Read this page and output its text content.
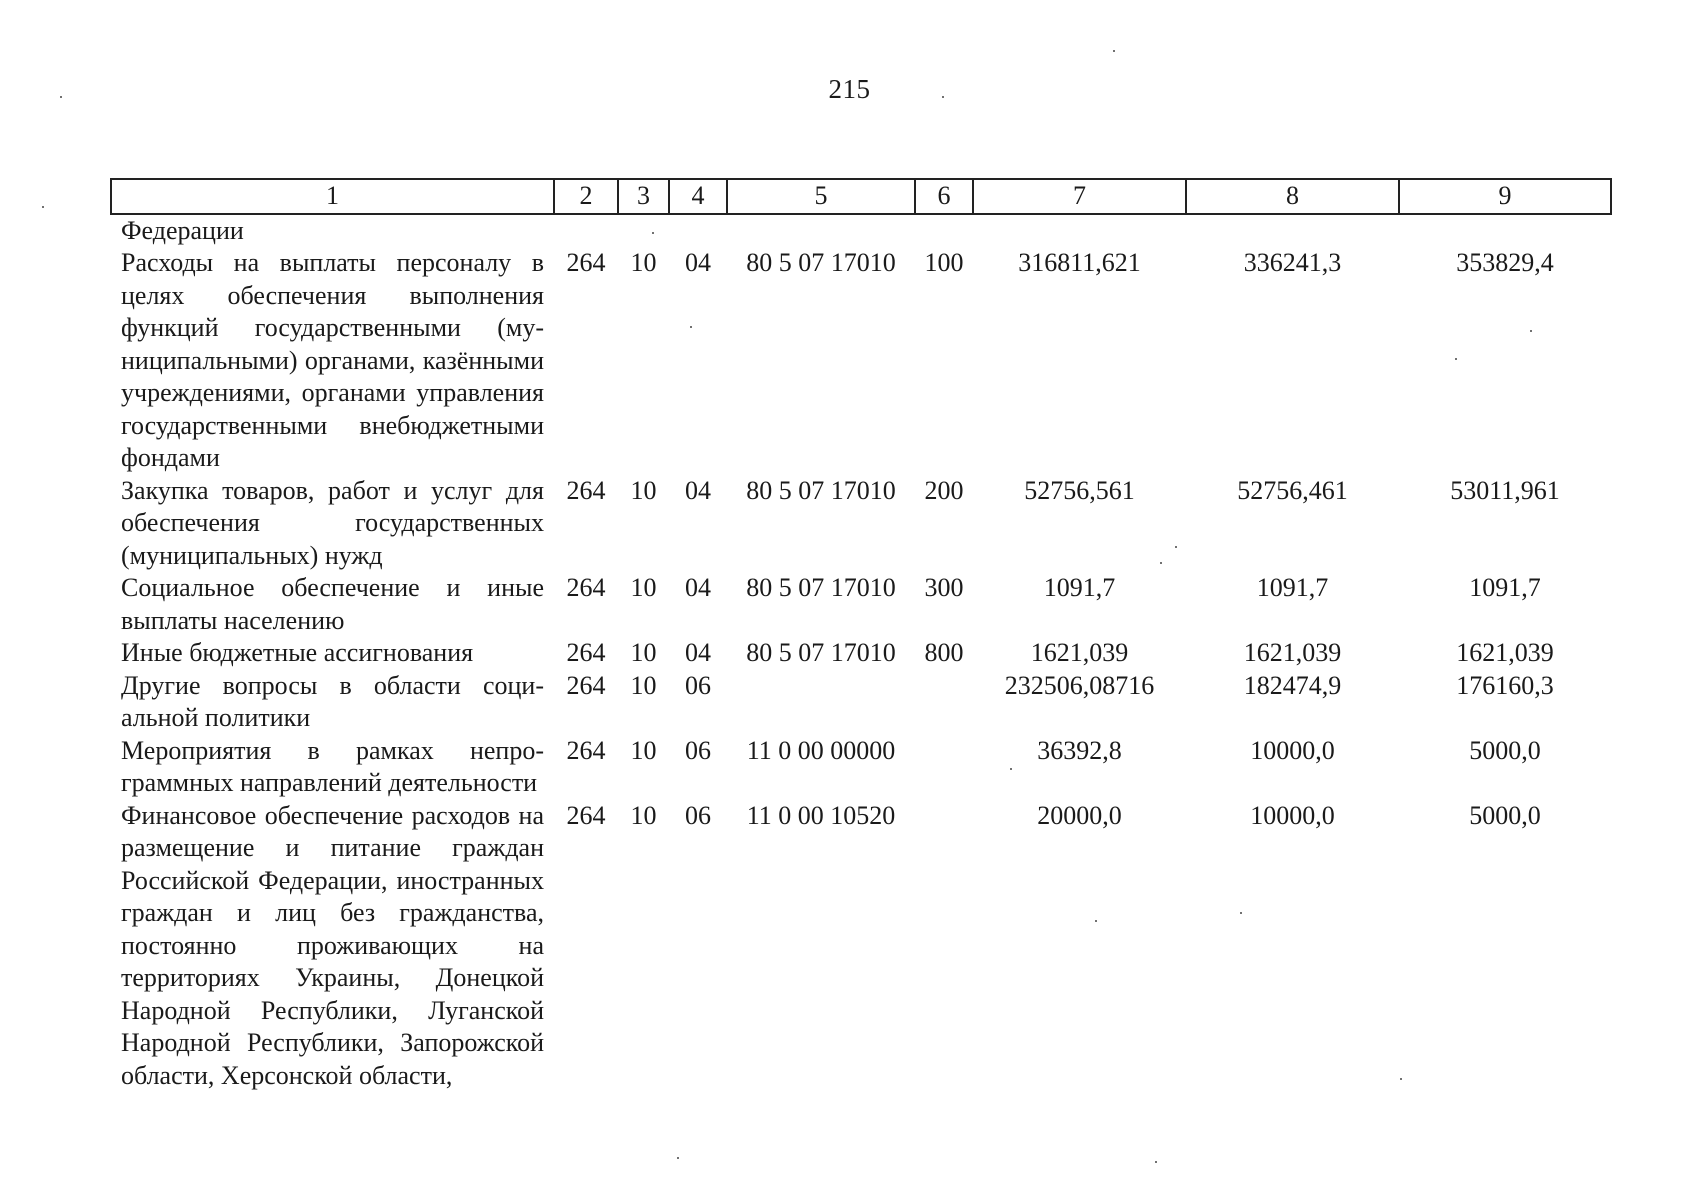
215
1	2	3	4	5	6	7	8	9
Федерации								
Расходы на выплаты персоналу в целях обеспечения выполнения функций государственными (муниципальными) органами, казёнными учреждениями, органами управления государственными внебюджетными фондами	264	10	04	80 5 07 17010	100	316811,621	336241,3	353829,4
Закупка товаров, работ и услуг для обеспечения государственных (муниципальных) нужд	264	10	04	80 5 07 17010	200	52756,561	52756,461	53011,961
Социальное обеспечение и иные выплаты населению	264	10	04	80 5 07 17010	300	1091,7	1091,7	1091,7
Иные бюджетные ассигнования	264	10	04	80 5 07 17010	800	1621,039	1621,039	1621,039
Другие вопросы в области социальной политики	264	10	06			232506,08716	182474,9	176160,3
Мероприятия в рамках непрограммных направлений деятельности	264	10	06	11 0 00 00000		36392,8	10000,0	5000,0
Финансовое обеспечение расходов на размещение и питание граждан Российской Федерации, иностранных граждан и лиц без гражданства, постоянно проживающих на территориях Украины, Донецкой Народной Республики, Луганской Народной Республики, Запорожской области, Херсонской области,	264	10	06	11 0 00 10520		20000,0	10000,0	5000,0
